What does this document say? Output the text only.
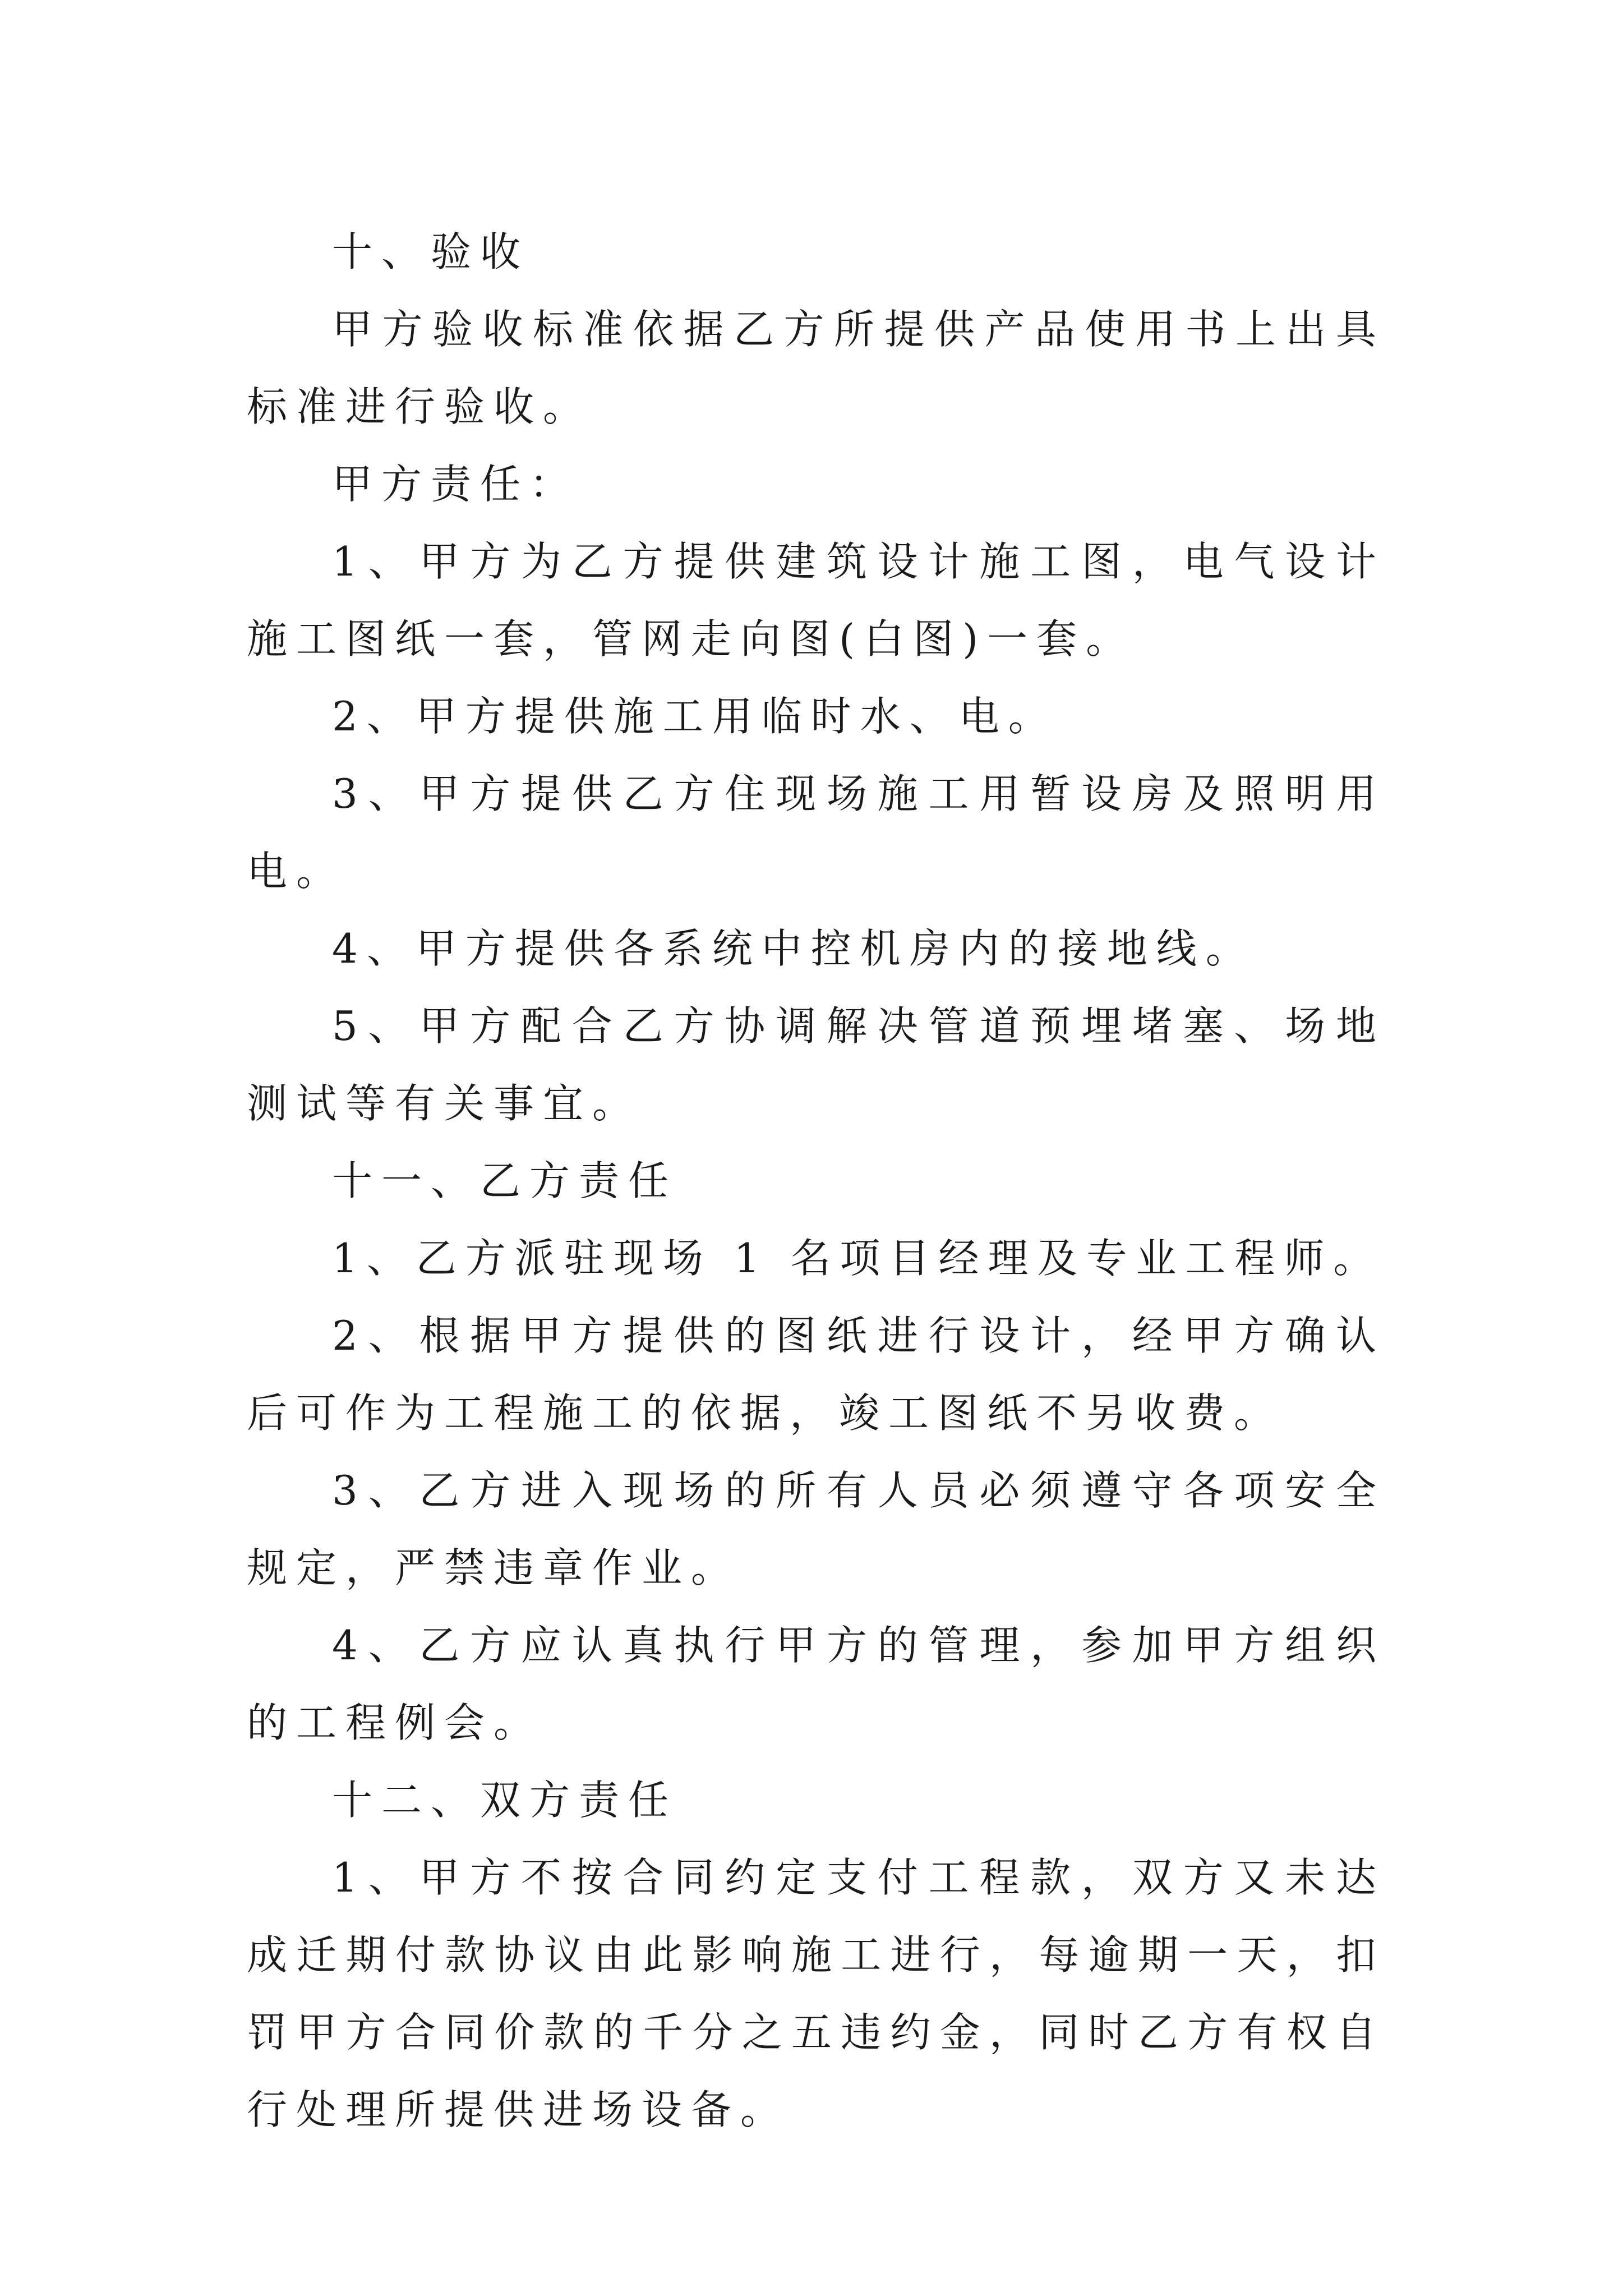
十、验收

甲方验收标准依据乙方所提供产品使用书上出具标准进行验收。

甲方责任：

1、甲方为乙方提供建筑设计施工图，电气设计施工图纸一套，管网走向图(白图)一套。

2、甲方提供施工用临时水、电。

3、甲方提供乙方住现场施工用暂设房及照明用电。

4、甲方提供各系统中控机房内的接地线。

5、甲方配合乙方协调解决管道预埋堵塞、场地测试等有关事宜。

十一、乙方责任

1、乙方派驻现场 1 名项目经理及专业工程师。

2、根据甲方提供的图纸进行设计，经甲方确认后可作为工程施工的依据，竣工图纸不另收费。

3、乙方进入现场的所有人员必须遵守各项安全规定，严禁违章作业。

4、乙方应认真执行甲方的管理，参加甲方组织的工程例会。

十二、双方责任

1、甲方不按合同约定支付工程款，双方又未达成迁期付款协议由此影响施工进行，每逾期一天，扣罚甲方合同价款的千分之五违约金，同时乙方有权自行处理所提供进场设备。
